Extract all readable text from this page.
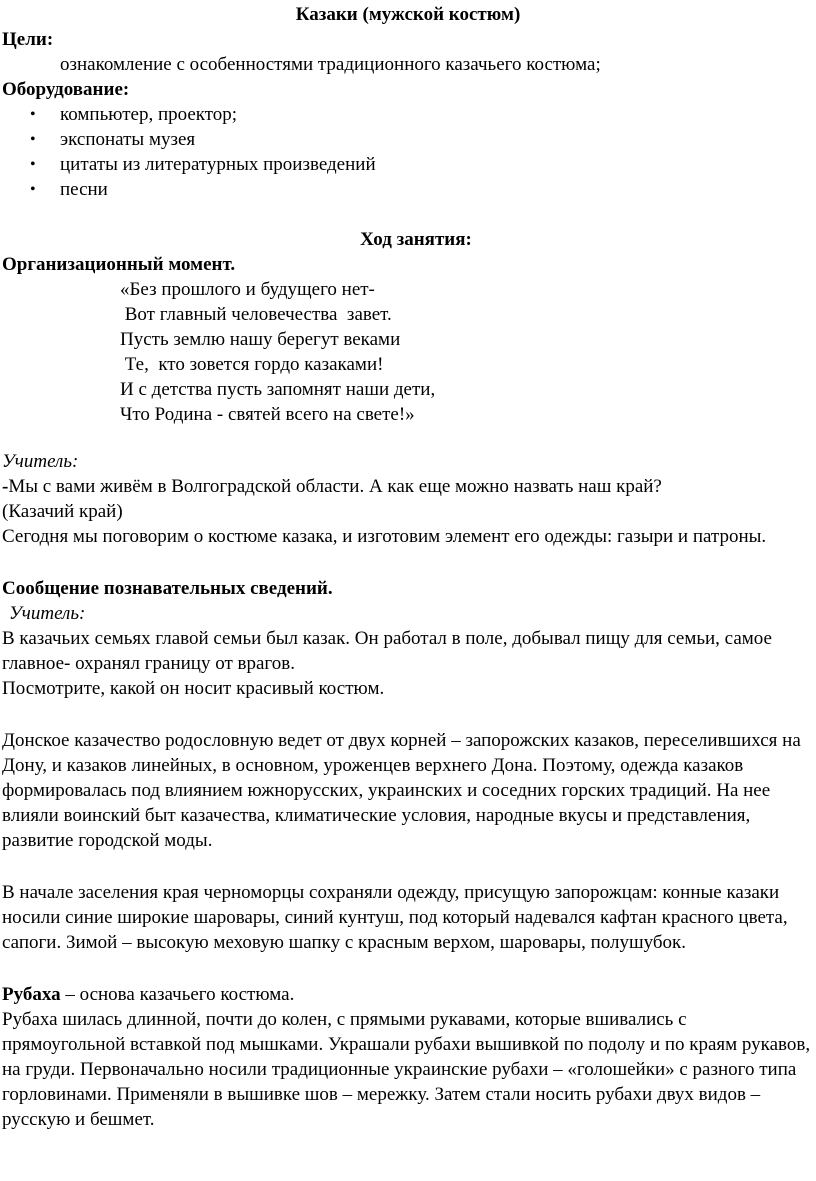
Казаки (мужской костюм)

Цели:

ознакомление с особенностями традиционного казачьего костюма;

Оборудование:

• компьютер, проектор;
• экспонаты музея
• цитаты из литературных произведений
• песни

Ход занятия:

Организационный момент.

«Без прошлого и будущего нет-
Вот главный человечества  завет.
Пусть землю нашу берегут веками
Те,  кто зовется гордо казаками!
И с детства пусть запомнят наши дети,
Что Родина - святей всего на свете!»

Учитель:

-Мы с вами живём в Волгоградской области. А как еще можно назвать наш край?

(Казачий край)

Сегодня мы поговорим о костюме казака, и изготовим элемент его одежды: газыри и патроны.

Сообщение познавательных сведений.

Учитель:

В казачьих семьях главой семьи был казак. Он работал в поле, добывал пищу для семьи, самое главное- охранял границу от врагов.

Посмотрите, какой он носит красивый костюм.

Донское казачество родословную ведет от двух корней – запорожских казаков, переселившихся на Дону, и казаков линейных, в основном, уроженцев верхнего Дона. Поэтому, одежда казаков формировалась под влиянием южнорусских, украинских и соседних горских традиций. На нее влияли воинский быт казачества, климатические условия, народные вкусы и представления, развитие городской моды.

В начале заселения края черноморцы сохраняли одежду, присущую запорожцам: конные казаки носили синие широкие шаровары, синий кунтуш, под который надевался кафтан красного цвета, сапоги. Зимой – высокую меховую шапку с красным верхом, шаровары, полушубок.

Рубаха – основа казачьего костюма.

Рубаха шилась длинной, почти до колен, с прямыми рукавами, которые вшивались с прямоугольной вставкой под мышками. Украшали рубахи вышивкой по подолу и по краям рукавов, на груди. Первоначально носили традиционные украинские рубахи – «голошейки» с разного типа горловинами. Применяли в вышивке шов – мережку. Затем стали носить рубахи двух видов – русскую и бешмет.
